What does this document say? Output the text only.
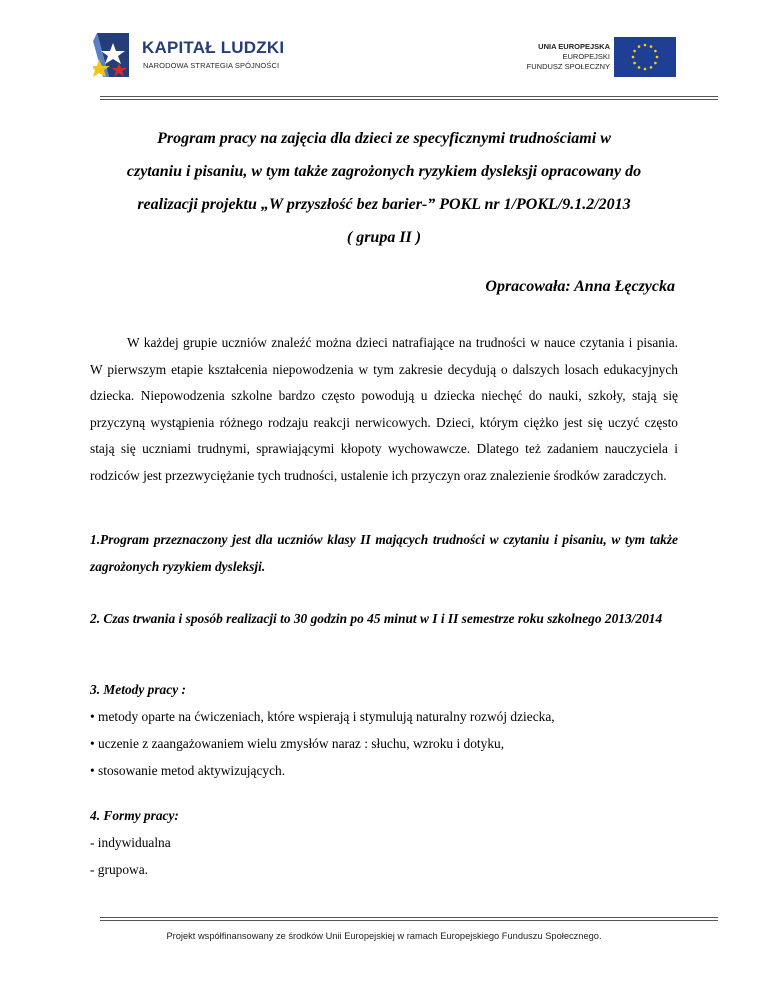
KAPITAŁ LUDZKI
NARODOWA STRATEGIA SPÓJNOŚCI
UNIA EUROPEJSKA
EUROPEJSKI
FUNDUSZ SPOŁECZNY
Program pracy na zajęcia dla dzieci ze specyficznymi trudnościami w
czytaniu i pisaniu, w tym także zagrożonych ryzykiem dysleksji opracowany do
realizacji projektu „W przyszłość bez barier-” POKL nr 1/POKL/9.1.2/2013
( grupa II )
Opracowała: Anna Łęczycka
W każdej grupie uczniów znaleźć można dzieci natrafiające na trudności w nauce czytania i pisania. W pierwszym etapie kształcenia niepowodzenia w tym zakresie decydują o dalszych losach edukacyjnych dziecka. Niepowodzenia szkolne bardzo często powodują u dziecka niechęć do nauki, szkoły, stają się przyczyną wystąpienia różnego rodzaju reakcji nerwicowych. Dzieci, którym ciężko jest się uczyć często stają się uczniami trudnymi, sprawiającymi kłopoty wychowawcze. Dlatego też zadaniem nauczyciela i rodziców jest przezwyciężanie tych trudności, ustalenie ich przyczyn oraz znalezienie środków zaradczych.
1.Program przeznaczony jest dla uczniów klasy II mających trudności w czytaniu i pisaniu, w tym także zagrożonych ryzykiem dysleksji.
2. Czas trwania i sposób realizacji to 30 godzin po 45 minut w I i II semestrze roku szkolnego 2013/2014
3. Metody pracy :
• metody oparte na ćwiczeniach, które wspierają i stymulują naturalny rozwój dziecka,
• uczenie z zaangażowaniem wielu zmysłów naraz : słuchu, wzroku i dotyku,
• stosowanie metod aktywizujących.
4. Formy pracy:
- indywidualna
- grupowa.
Projekt współfinansowany ze środków Unii Europejskiej w ramach Europejskiego Funduszu Społecznego.
